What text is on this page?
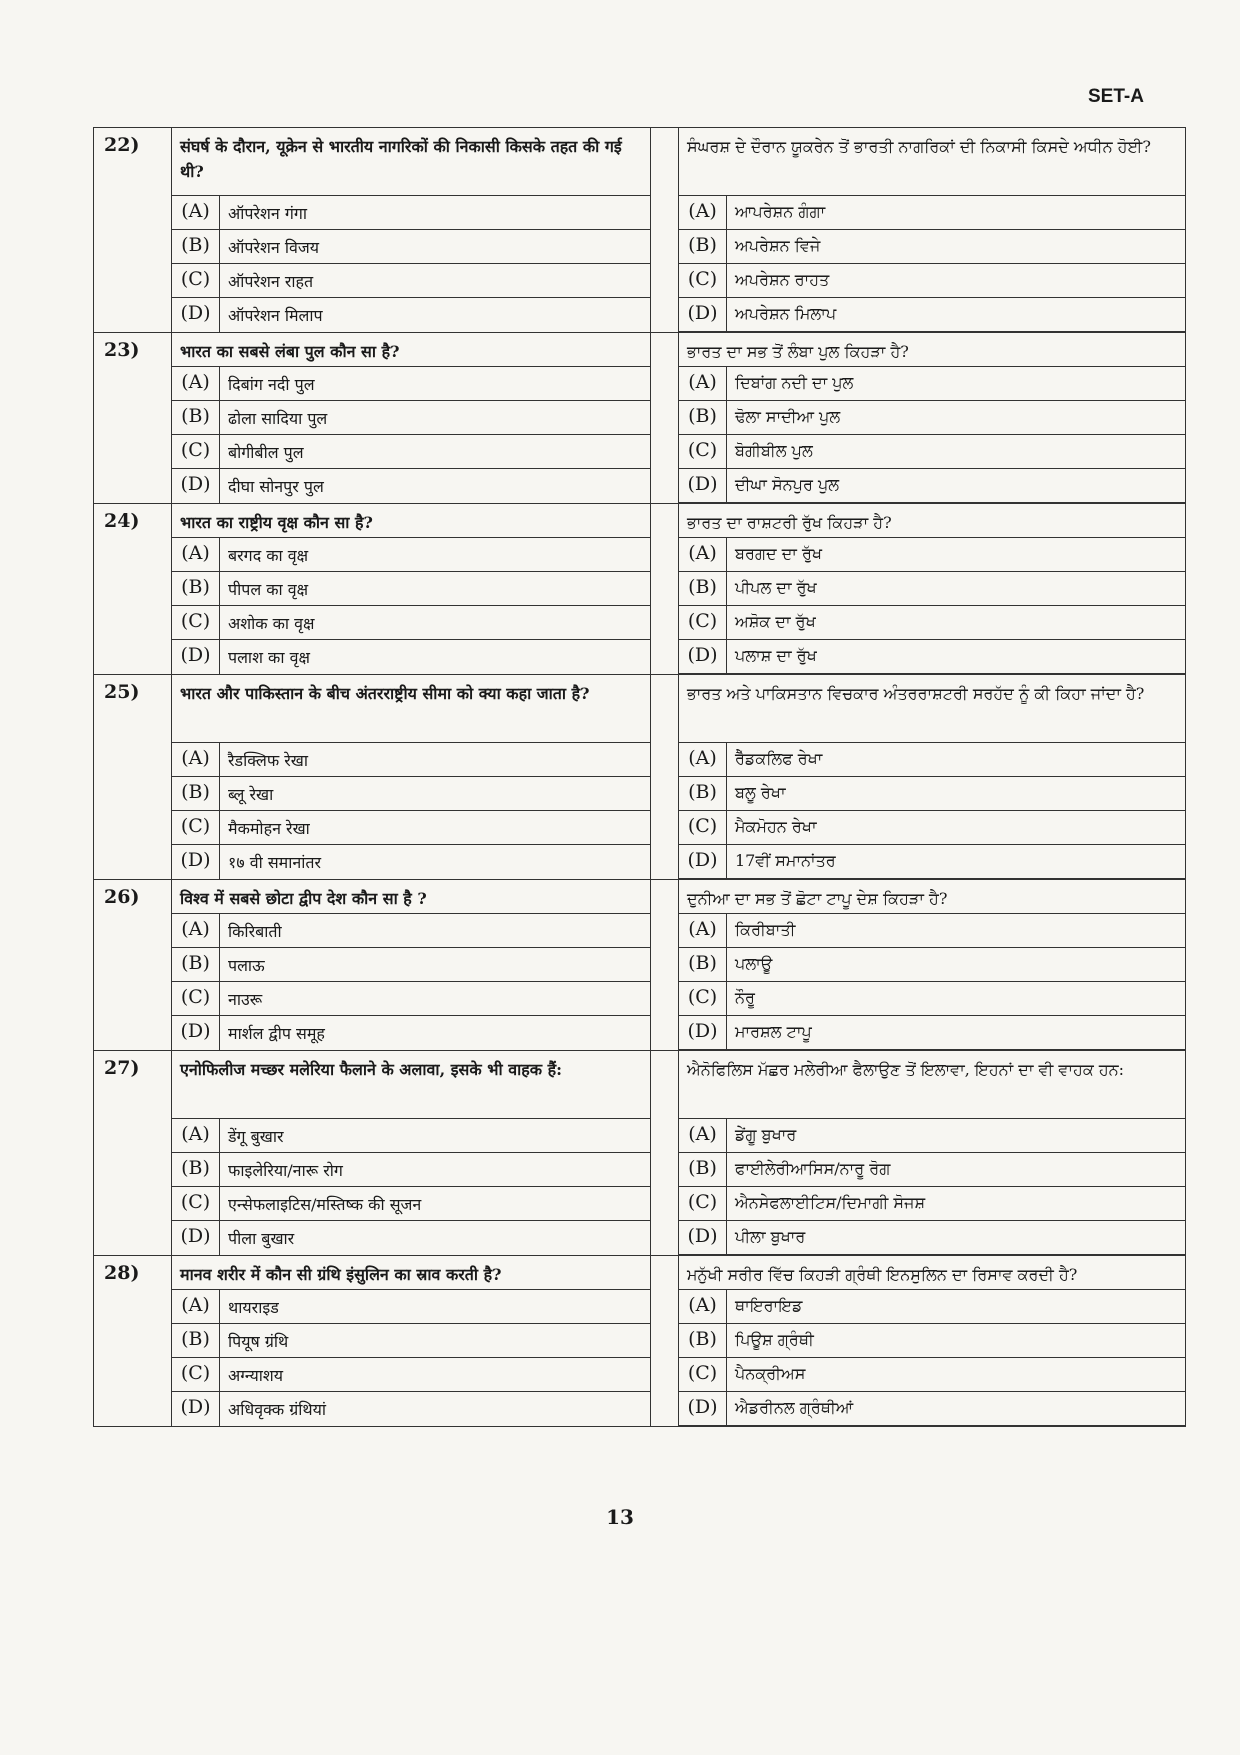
SET-A
22)	संघर्ष के दौरान, यूक्रेन से भारतीय नागरिकों की निकासी किसके तहत की गई थी?
(A)	ऑपरेशन गंगा
(B)	ऑपरेशन विजय
(C)	ऑपरेशन राहत
(D)	ऑपरेशन मिलाप
ਸੰਘਰਸ਼ ਦੇ ਦੌਰਾਨ ਯੂਕਰੇਨ ਤੋਂ ਭਾਰਤੀ ਨਾਗਰਿਕਾਂ ਦੀ ਨਿਕਾਸੀ ਕਿਸਦੇ ਅਧੀਨ ਹੋਈ?
(A)	ਆਪਰੇਸ਼ਨ ਗੰਗਾ
(B)	ਅਪਰੇਸ਼ਨ ਵਿਜੇ
(C)	ਅਪਰੇਸ਼ਨ ਰਾਹਤ
(D)	ਅਪਰੇਸ਼ਨ ਮਿਲਾਪ
23)	भारत का सबसे लंबा पुल कौन सा है?
(A)	दिबांग नदी पुल
(B)	ढोला सादिया पुल
(C)	बोगीबील पुल
(D)	दीघा सोनपुर पुल
ਭਾਰਤ ਦਾ ਸਭ ਤੋਂ ਲੰਬਾ ਪੁਲ ਕਿਹੜਾ ਹੈ?
(A)	ਦਿਬਾਂਗ ਨਦੀ ਦਾ ਪੁਲ
(B)	ਢੋਲਾ ਸਾਦੀਆ ਪੁਲ
(C)	ਬੋਗੀਬੀਲ ਪੁਲ
(D)	ਦੀਘਾ ਸੋਨਪੁਰ ਪੁਲ
24)	भारत का राष्ट्रीय वृक्ष कौन सा है?
(A)	बरगद का वृक्ष
(B)	पीपल का वृक्ष
(C)	अशोक का वृक्ष
(D)	पलाश का वृक्ष
ਭਾਰਤ ਦਾ ਰਾਸ਼ਟਰੀ ਰੁੱਖ ਕਿਹੜਾ ਹੈ?
(A)	ਬਰਗਦ ਦਾ ਰੁੱਖ
(B)	ਪੀਪਲ ਦਾ ਰੁੱਖ
(C)	ਅਸ਼ੋਕ ਦਾ ਰੁੱਖ
(D)	ਪਲਾਸ਼ ਦਾ ਰੁੱਖ
25)	भारत और पाकिस्तान के बीच अंतरराष्ट्रीय सीमा को क्या कहा जाता है?
(A)	रैडक्लिफ रेखा
(B)	ब्लू रेखा
(C)	मैकमोहन रेखा
(D)	१७ वी समानांतर
ਭਾਰਤ ਅਤੇ ਪਾਕਿਸਤਾਨ ਵਿਚਕਾਰ ਅੰਤਰਰਾਸ਼ਟਰੀ ਸਰਹੱਦ ਨੂੰ ਕੀ ਕਿਹਾ ਜਾਂਦਾ ਹੈ?
(A)	ਰੈੱਡਕਲਿਫ ਰੇਖਾ
(B)	ਬਲੂ ਰੇਖਾ
(C)	ਮੈਕਮੋਹਨ ਰੇਖਾ
(D)	17ਵੀਂ ਸਮਾਨਾਂਤਰ
26)	विश्व में सबसे छोटा द्वीप देश कौन सा है ?
(A)	किरिबाती
(B)	पलाऊ
(C)	नाउरू
(D)	मार्शल द्वीप समूह
ਦੁਨੀਆ ਦਾ ਸਭ ਤੋਂ ਛੋਟਾ ਟਾਪੂ ਦੇਸ਼ ਕਿਹੜਾ ਹੈ?
(A)	ਕਿਰੀਬਾਤੀ
(B)	ਪਲਾਊ
(C)	ਨੌਰੂ
(D)	ਮਾਰਸ਼ਲ ਟਾਪੂ
27)	एनोफिलीज मच्छर मलेरिया फैलाने के अलावा, इसके भी वाहक हैं:
(A)	डेंगू बुखार
(B)	फाइलेरिया/नारू रोग
(C)	एन्सेफलाइटिस/मस्तिष्क की सूजन
(D)	पीला बुखार
ਐਨੋਫਿਲਿਸ ਮੱਛਰ ਮਲੇਰੀਆ ਫੈਲਾਉਣ ਤੋਂ ਇਲਾਵਾ, ਇਹਨਾਂ ਦਾ ਵੀ ਵਾਹਕ ਹਨ:
(A)	ਡੇਂਗੂ ਬੁਖਾਰ
(B)	ਫਾਈਲੇਰੀਆਸਿਸ/ਨਾਰੂ ਰੋਗ
(C)	ਐਨਸੇਫਲਾਈਟਿਸ/ਦਿਮਾਗੀ ਸੋਜਸ਼
(D)	ਪੀਲਾ ਬੁਖਾਰ
28)	मानव शरीर में कौन सी ग्रंथि इंसुलिन का स्राव करती है?
(A)	थायराइड
(B)	पियूष ग्रंथि
(C)	अग्न्याशय
(D)	अधिवृक्क ग्रंथियां
ਮਨੁੱਖੀ ਸਰੀਰ ਵਿੱਚ ਕਿਹੜੀ ਗ੍ਰੰਥੀ ਇਨਸੁਲਿਨ ਦਾ ਰਿਸਾਵ ਕਰਦੀ ਹੈ?
(A)	ਥਾਇਰਾਇਡ
(B)	ਪਿਊਸ਼ ਗ੍ਰੰਥੀ
(C)	ਪੈਨਕ੍ਰੀਅਸ
(D)	ਐਡਰੀਨਲ ਗ੍ਰੰਥੀਆਂ
13
